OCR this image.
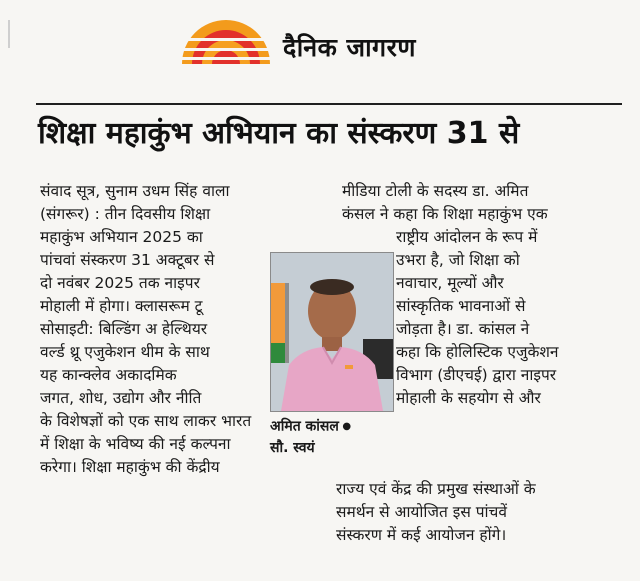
दैनिक जागरण
शिक्षा महाकुंभ अभियान का संस्करण 31 से
संवाद सूत्र, सुनाम उधम सिंह वाला
(संगरूर) : तीन दिवसीय शिक्षा
महाकुंभ अभियान 2025 का
पांचवां संस्करण 31 अक्टूबर से
दो नवंबर 2025 तक नाइपर
मोहाली में होगा। क्लासरूम टू
सोसाइटी: बिल्डिंग अ हेल्थियर
वर्ल्ड थ्रू एजुकेशन थीम के साथ
यह कान्क्लेव अकादमिक
जगत, शोध, उद्योग और नीति
के विशेषज्ञों को एक साथ लाकर भारत
में शिक्षा के भविष्य की नई कल्पना
करेगा। शिक्षा महाकुंभ की केंद्रीय
मीडिया टोली के सदस्य डा. अमित
कंसल ने कहा कि शिक्षा महाकुंभ एक
राष्ट्रीय आंदोलन के रूप में
उभरा है, जो शिक्षा को
नवाचार, मूल्यों और
सांस्कृतिक भावनाओं से
जोड़ता है। डा. कांसल ने
कहा कि होलिस्टिक एजुकेशन
विभाग (डीएचई) द्वारा नाइपर
मोहाली के सहयोग से और
राज्य एवं केंद्र की प्रमुख संस्थाओं के
समर्थन से आयोजित इस पांचवें
संस्करण में कई आयोजन होंगे।
अमित कांसल ●
सौ. स्वयं
